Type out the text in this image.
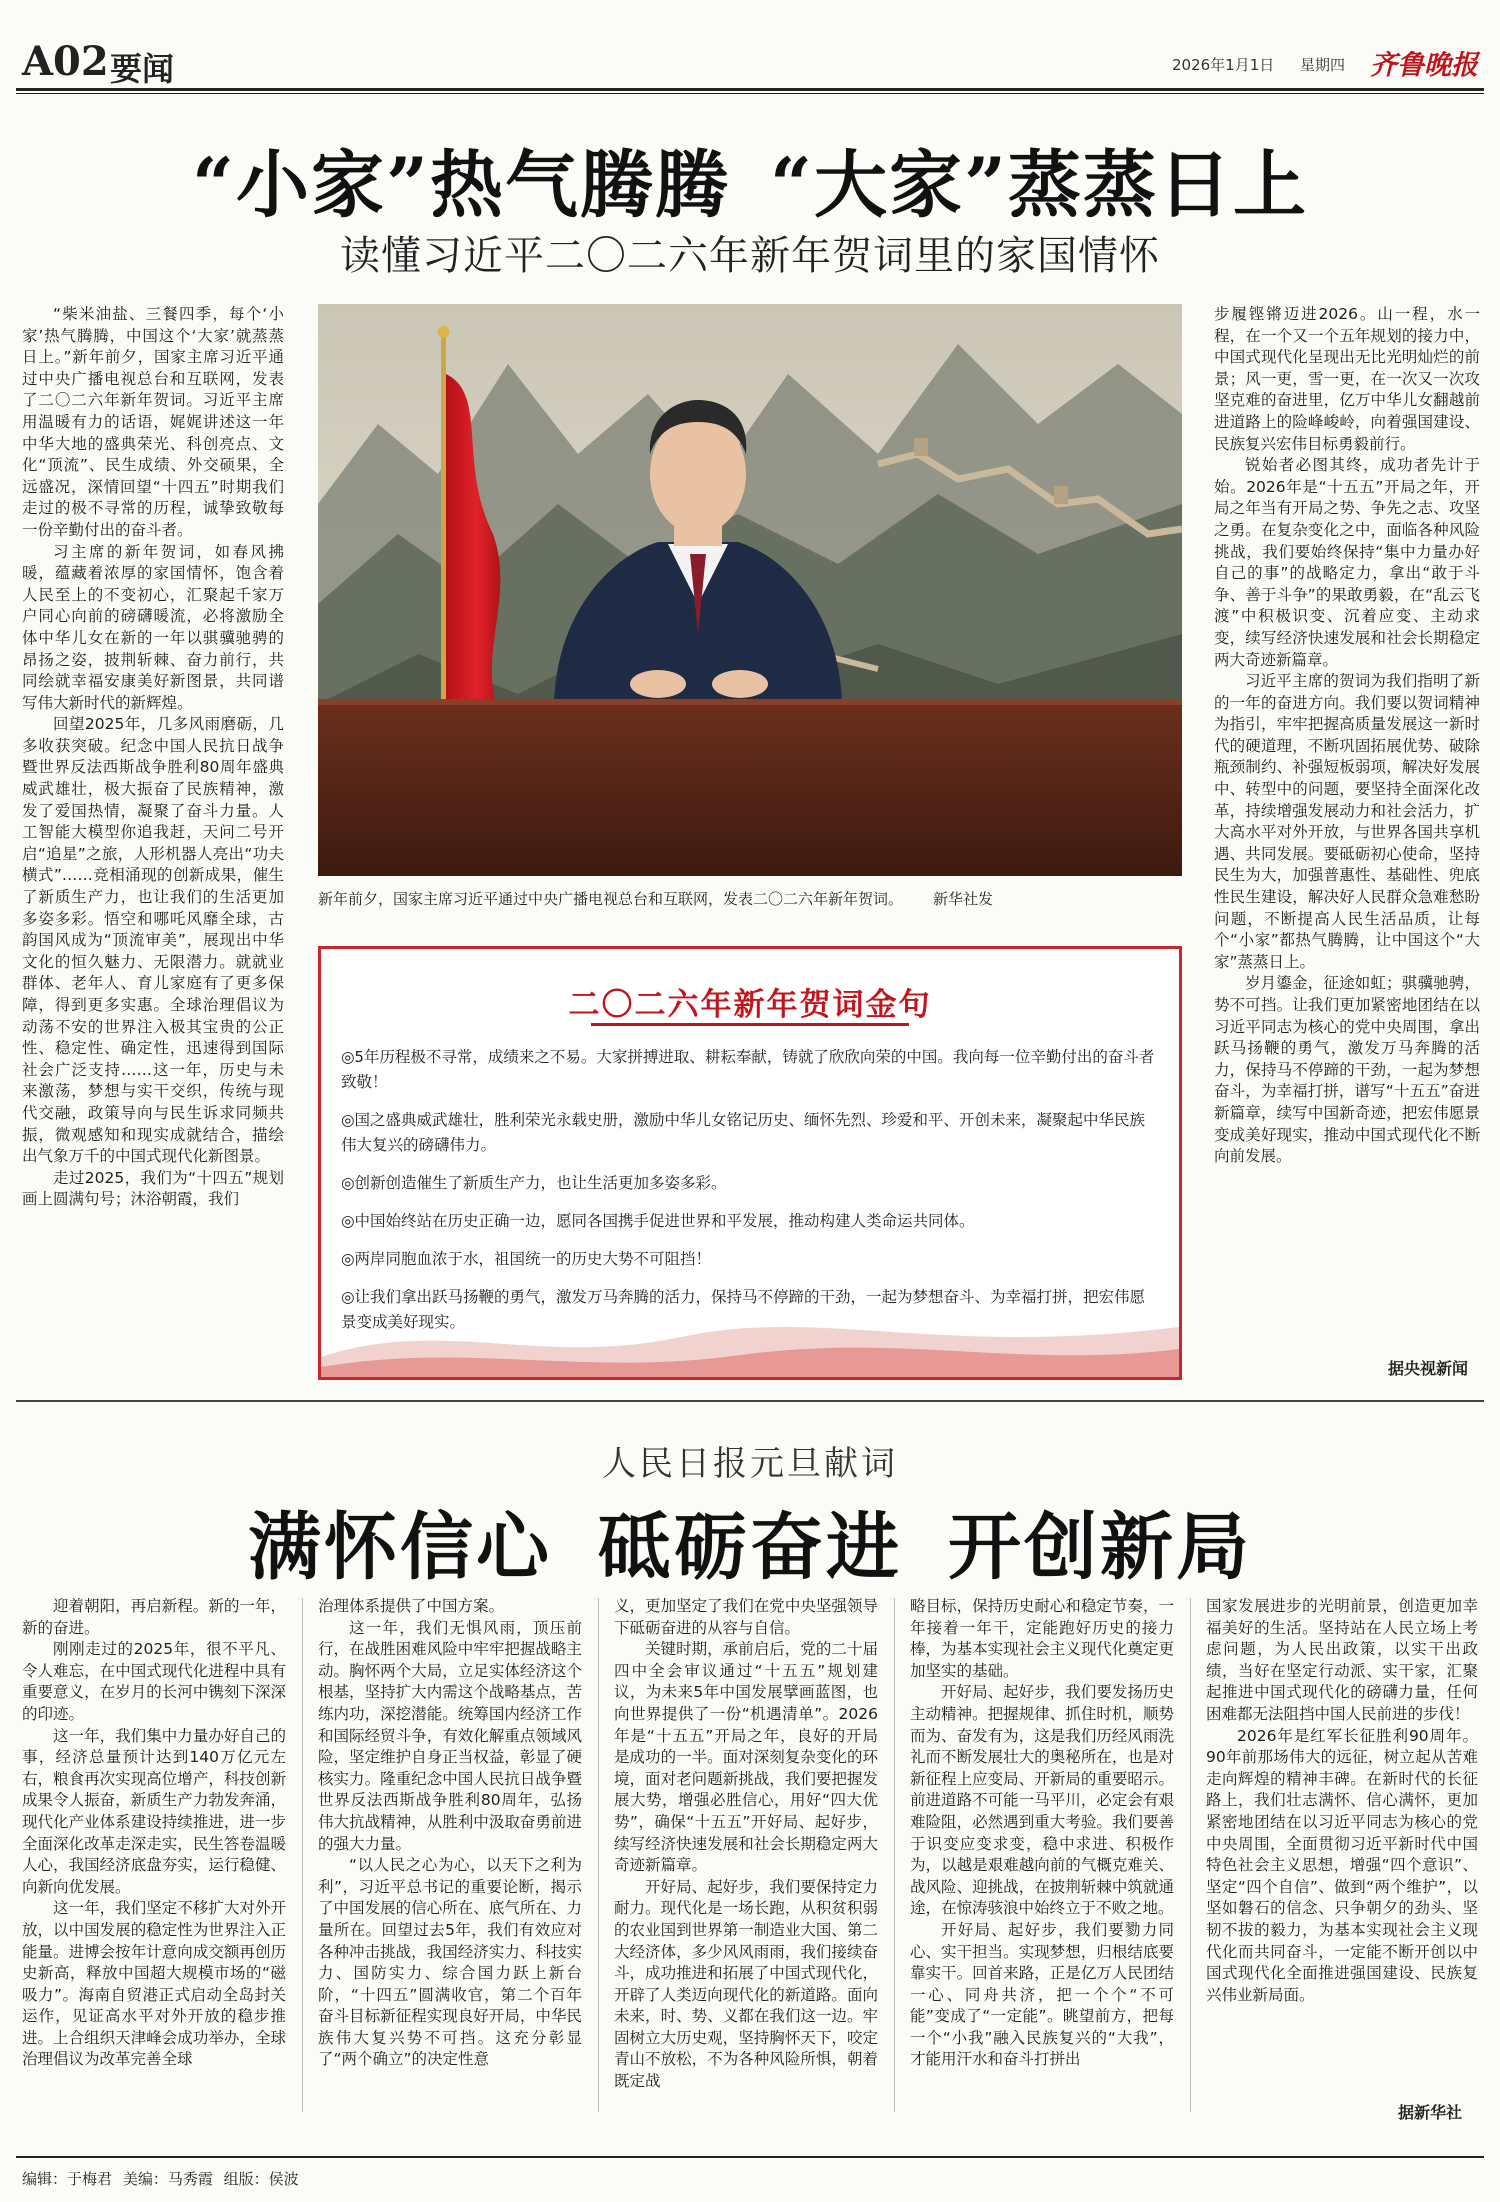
A02 要闻	2026年1月1日 星期四 齐鲁晚报
“小家”热气腾腾 “大家”蒸蒸日上
读懂习近平二〇二六年新年贺词里的家国情怀

“柴米油盐、三餐四季，每个‘小家’热气腾腾，中国这个‘大家’就蒸蒸日上。”新年前夕，国家主席习近平通过中央广播电视总台和互联网，发表了二〇二六年新年贺词。习近平主席用温暖有力的话语，娓娓讲述这一年中华大地的盛典荣光、科创亮点、文化“顶流”、民生成绩、外交硕果，全远盛况，深情回望“十四五”时期我们走过的极不寻常的历程，诚挚致敬每一份辛勤付出的奋斗者。

习主席的新年贺词，如春风拂暖，蕴藏着浓厚的家国情怀，饱含着人民至上的不变初心，汇聚起千家万户同心向前的磅礴暖流，必将激励全体中华儿女在新的一年以骐骥驰骋的昂扬之姿，披荆斩棘、奋力前行，共同绘就幸福安康美好新图景，共同谱写伟大新时代的新辉煌。

回望2025年，几多风雨磨砺，几多收获突破。纪念中国人民抗日战争暨世界反法西斯战争胜利80周年盛典威武雄壮，极大振奋了民族精神，激发了爱国热情，凝聚了奋斗力量。人工智能大模型你追我赶，天问二号开启“追星”之旅，人形机器人亮出“功夫横式”……竞相涌现的创新成果，催生了新质生产力，也让我们的生活更加多姿多彩。悟空和哪吒风靡全球，古韵国风成为“顶流审美”，展现出中华文化的恒久魅力、无限潜力。就就业群体、老年人、育儿家庭有了更多保障，得到更多实惠。全球治理倡议为动荡不安的世界注入极其宝贵的公正性、稳定性、确定性，迅速得到国际社会广泛支持……这一年，历史与未来激荡，梦想与实干交织，传统与现代交融，政策导向与民生诉求同频共振，微观感知和现实成就结合，描绘出气象万千的中国式现代化新图景。

走过2025，我们为“十四五”规划画上圆满句号；沐浴朝霞，我们

新年前夕，国家主席习近平通过中央广播电视总台和互联网，发表二〇二六年新年贺词。 新华社发
二〇二六年新年贺词金句
◎5年历程极不寻常，成绩来之不易。大家拼搏进取、耕耘奉献，铸就了欣欣向荣的中国。我向每一位辛勤付出的奋斗者致敬！
◎国之盛典威武雄壮，胜利荣光永载史册，激励中华儿女铭记历史、缅怀先烈、珍爱和平、开创未来，凝聚起中华民族伟大复兴的磅礴伟力。
◎创新创造催生了新质生产力，也让生活更加多姿多彩。
◎中国始终站在历史正确一边，愿同各国携手促进世界和平发展，推动构建人类命运共同体。
◎两岸同胞血浓于水，祖国统一的历史大势不可阻挡！
◎让我们拿出跃马扬鞭的勇气，激发万马奔腾的活力，保持马不停蹄的干劲，一起为梦想奋斗、为幸福打拼，把宏伟愿景变成美好现实。

步履铿锵迈进2026。山一程，水一程，在一个又一个五年规划的接力中，中国式现代化呈现出无比光明灿烂的前景；风一更，雪一更，在一次又一次攻坚克难的奋进里，亿万中华儿女翻越前进道路上的险峰峻岭，向着强国建设、民族复兴宏伟目标勇毅前行。

锐始者必图其终，成功者先计于始。2026年是“十五五”开局之年，开局之年当有开局之势、争先之志、攻坚之勇。在复杂变化之中，面临各种风险挑战，我们要始终保持“集中力量办好自己的事”的战略定力，拿出“敢于斗争、善于斗争”的果敢勇毅，在“乱云飞渡”中积极识变、沉着应变、主动求变，续写经济快速发展和社会长期稳定两大奇迹新篇章。

习近平主席的贺词为我们指明了新的一年的奋进方向。我们要以贺词精神为指引，牢牢把握高质量发展这一新时代的硬道理，不断巩固拓展优势、破除瓶颈制约、补强短板弱项，解决好发展中、转型中的问题，要坚持全面深化改革，持续增强发展动力和社会活力，扩大高水平对外开放，与世界各国共享机遇、共同发展。要砥砺初心使命，坚持民生为大，加强普惠性、基础性、兜底性民生建设，解决好人民群众急难愁盼问题，不断提高人民生活品质，让每个“小家”都热气腾腾，让中国这个“大家”蒸蒸日上。

岁月鎏金，征途如虹；骐骥驰骋，势不可挡。让我们更加紧密地团结在以习近平同志为核心的党中央周围，拿出跃马扬鞭的勇气，激发万马奔腾的活力，保持马不停蹄的干劲，一起为梦想奋斗，为幸福打拼，谱写“十五五”奋进新篇章，续写中国新奇迹，把宏伟愿景变成美好现实，推动中国式现代化不断向前发展。

据央视新闻
人民日报元旦献词
满怀信心 砥砺奋进 开创新局

迎着朝阳，再启新程。新的一年，新的奋进。

刚刚走过的2025年，很不平凡、令人难忘，在中国式现代化进程中具有重要意义，在岁月的长河中镌刻下深深的印迹。

这一年，我们集中力量办好自己的事，经济总量预计达到140万亿元左右，粮食再次实现高位增产，科技创新成果令人振奋，新质生产力勃发奔涌，现代化产业体系建设持续推进，进一步全面深化改革走深走实，民生答卷温暖人心，我国经济底盘夯实，运行稳健、向新向优发展。

这一年，我们坚定不移扩大对外开放，以中国发展的稳定性为世界注入正能量。进博会按年计意向成交额再创历史新高，释放中国超大规模市场的“磁吸力”。海南自贸港正式启动全岛封关运作，见证高水平对外开放的稳步推进。上合组织天津峰会成功举办，全球治理倡议为改革完善全球

治理体系提供了中国方案。

这一年，我们无惧风雨，顶压前行，在战胜困难风险中牢牢把握战略主动。胸怀两个大局，立足实体经济这个根基，坚持扩大内需这个战略基点，苦练内功，深挖潜能。统筹国内经济工作和国际经贸斗争，有效化解重点领域风险，坚定维护自身正当权益，彰显了硬核实力。隆重纪念中国人民抗日战争暨世界反法西斯战争胜利80周年，弘扬伟大抗战精神，从胜利中汲取奋勇前进的强大力量。

“以人民之心为心，以天下之利为利”，习近平总书记的重要论断，揭示了中国发展的信心所在、底气所在、力量所在。回望过去5年，我们有效应对各种冲击挑战，我国经济实力、科技实力、国防实力、综合国力跃上新台阶，“十四五”圆满收官，第二个百年奋斗目标新征程实现良好开局，中华民族伟大复兴势不可挡。这充分彰显了“两个确立”的决定性意

义，更加坚定了我们在党中央坚强领导下砥砺奋进的从容与自信。

关键时期，承前启后，党的二十届四中全会审议通过“十五五”规划建议，为未来5年中国发展擘画蓝图，也向世界提供了一份“机遇清单”。2026年是“十五五”开局之年，良好的开局是成功的一半。面对深刻复杂变化的环境，面对老问题新挑战，我们要把握发展大势，增强必胜信心，用好“四大优势”，确保“十五五”开好局、起好步，续写经济快速发展和社会长期稳定两大奇迹新篇章。

开好局、起好步，我们要保持定力耐力。现代化是一场长跑，从积贫积弱的农业国到世界第一制造业大国、第二大经济体，多少风风雨雨，我们接续奋斗，成功推进和拓展了中国式现代化，开辟了人类迈向现代化的新道路。面向未来，时、势、义都在我们这一边。牢固树立大历史观，坚持胸怀天下，咬定青山不放松，不为各种风险所惧，朝着既定战

略目标，保持历史耐心和稳定节奏，一年接着一年干，定能跑好历史的接力棒，为基本实现社会主义现代化奠定更加坚实的基础。

开好局、起好步，我们要发扬历史主动精神。把握规律、抓住时机，顺势而为、奋发有为，这是我们历经风雨洗礼而不断发展壮大的奥秘所在，也是对新征程上应变局、开新局的重要昭示。前进道路不可能一马平川，必定会有艰难险阻，必然遇到重大考验。我们要善于识变应变求变，稳中求进、积极作为，以越是艰难越向前的气概克难关、战风险、迎挑战，在披荆斩棘中筑就通途，在惊涛骇浪中始终立于不败之地。

开好局、起好步，我们要勠力同心、实干担当。实现梦想，归根结底要靠实干。回首来路，正是亿万人民团结一心、同舟共济，把一个个“不可能”变成了“一定能”。眺望前方，把每一个“小我”融入民族复兴的“大我”，才能用汗水和奋斗打拼出

国家发展进步的光明前景，创造更加幸福美好的生活。坚持站在人民立场上考虑问题，为人民出政策，以实干出政绩，当好在坚定行动派、实干家，汇聚起推进中国式现代化的磅礴力量，任何困难都无法阻挡中国人民前进的步伐！

2026年是红军长征胜利90周年。90年前那场伟大的远征，树立起从苦难走向辉煌的精神丰碑。在新时代的长征路上，我们壮志满怀、信心满怀，更加紧密地团结在以习近平同志为核心的党中央周围，全面贯彻习近平新时代中国特色社会主义思想，增强“四个意识”、坚定“四个自信”、做到“两个维护”，以坚如磐石的信念、只争朝夕的劲头、坚韧不拔的毅力，为基本实现社会主义现代化而共同奋斗，一定能不断开创以中国式现代化全面推进强国建设、民族复兴伟业新局面。

据新华社
编辑：于梅君 美编：马秀霞 组版：侯波
